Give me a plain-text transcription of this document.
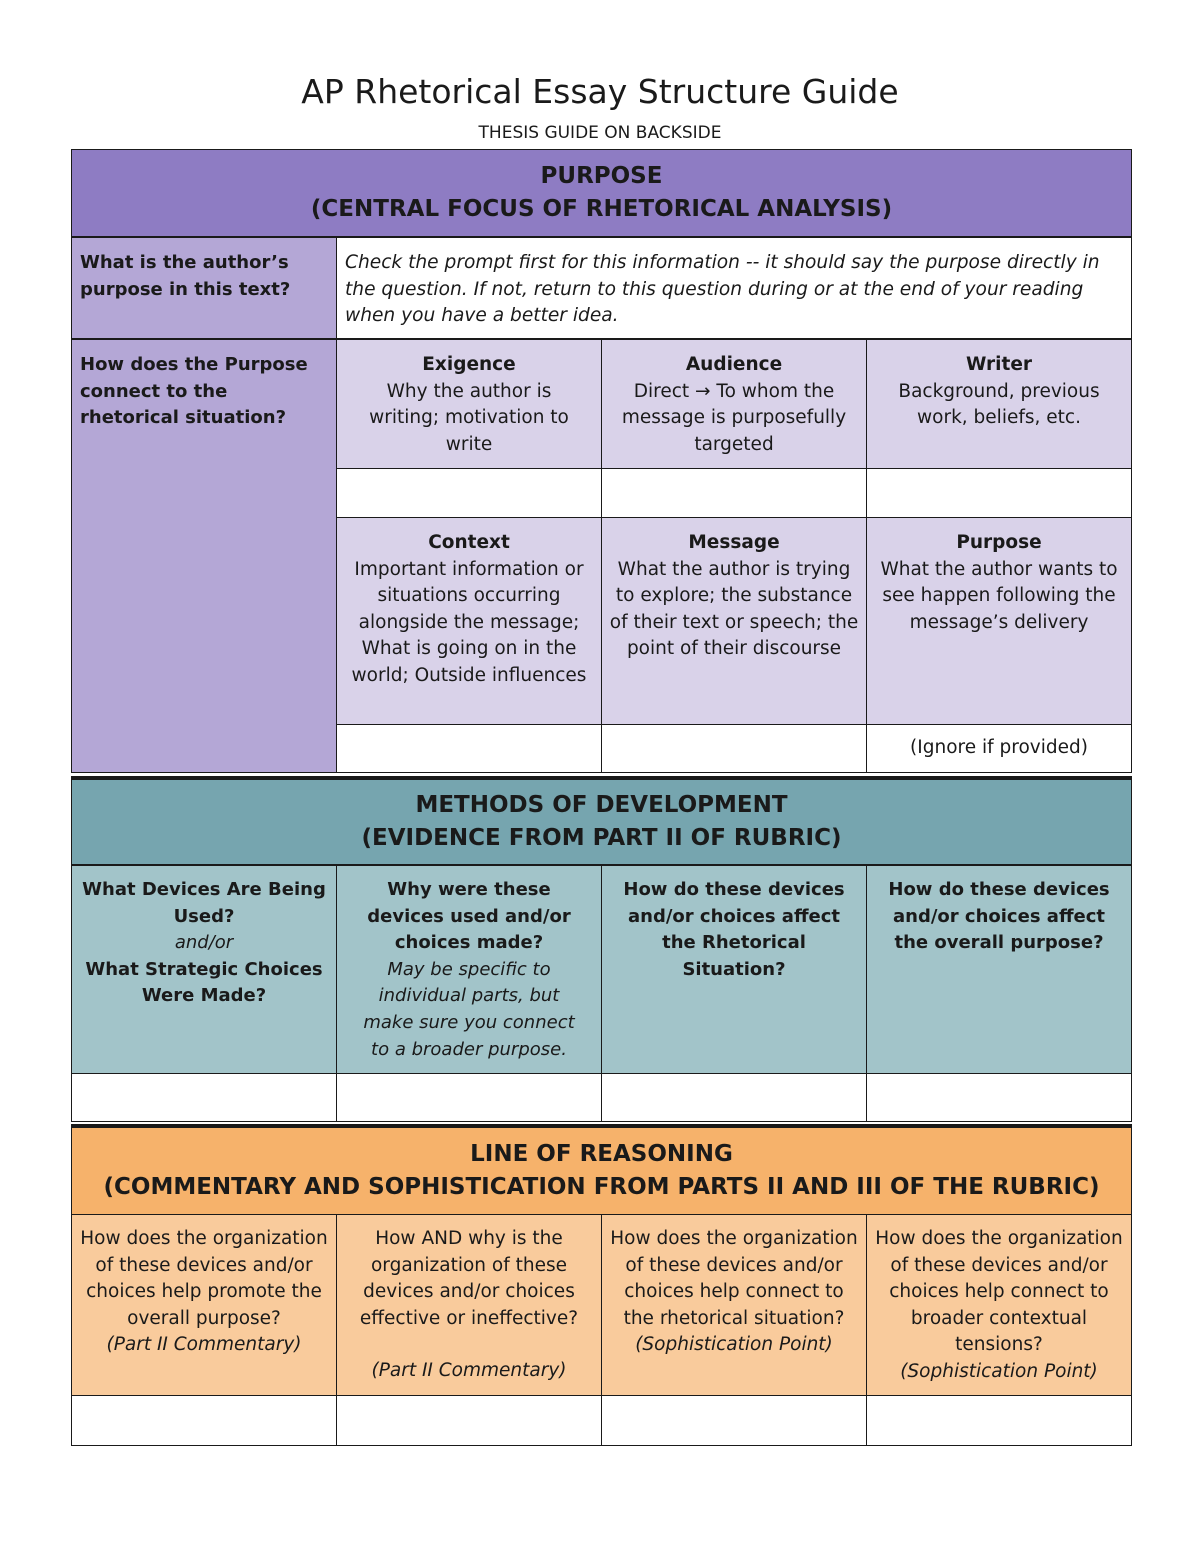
AP Rhetorical Essay Structure Guide
THESIS GUIDE ON BACKSIDE
PURPOSE
(CENTRAL FOCUS OF RHETORICAL ANALYSIS)
What is the author’s purpose in this text?
Check the prompt first for this information -- it should say the purpose directly in the question. If not, return to this question during or at the end of your reading when you have a better idea.
How does the Purpose connect to the rhetorical situation?
Exigence
Why the author is writing; motivation to write
Audience
Direct → To whom the message is purposefully targeted
Writer
Background, previous work, beliefs, etc.
Context
Important information or situations occurring alongside the message; What is going on in the world; Outside influences
Message
What the author is trying to explore; the substance of their text or speech; the point of their discourse
Purpose
What the author wants to see happen following the message’s delivery
(Ignore if provided)
METHODS OF DEVELOPMENT
(EVIDENCE FROM PART II OF RUBRIC)
What Devices Are Being Used?
and/or
What Strategic Choices Were Made?
Why were these devices used and/or choices made?
May be specific to individual parts, but make sure you connect to a broader purpose.
How do these devices and/or choices affect the Rhetorical Situation?
How do these devices and/or choices affect the overall purpose?
LINE OF REASONING
(COMMENTARY AND SOPHISTICATION FROM PARTS II AND III OF THE RUBRIC)
How does the organization of these devices and/or choices help promote the overall purpose?
(Part II Commentary)
How AND why is the organization of these devices and/or choices effective or ineffective?
(Part II Commentary)
How does the organization of these devices and/or choices help connect to the rhetorical situation?
(Sophistication Point)
How does the organization of these devices and/or choices help connect to broader contextual tensions?
(Sophistication Point)
